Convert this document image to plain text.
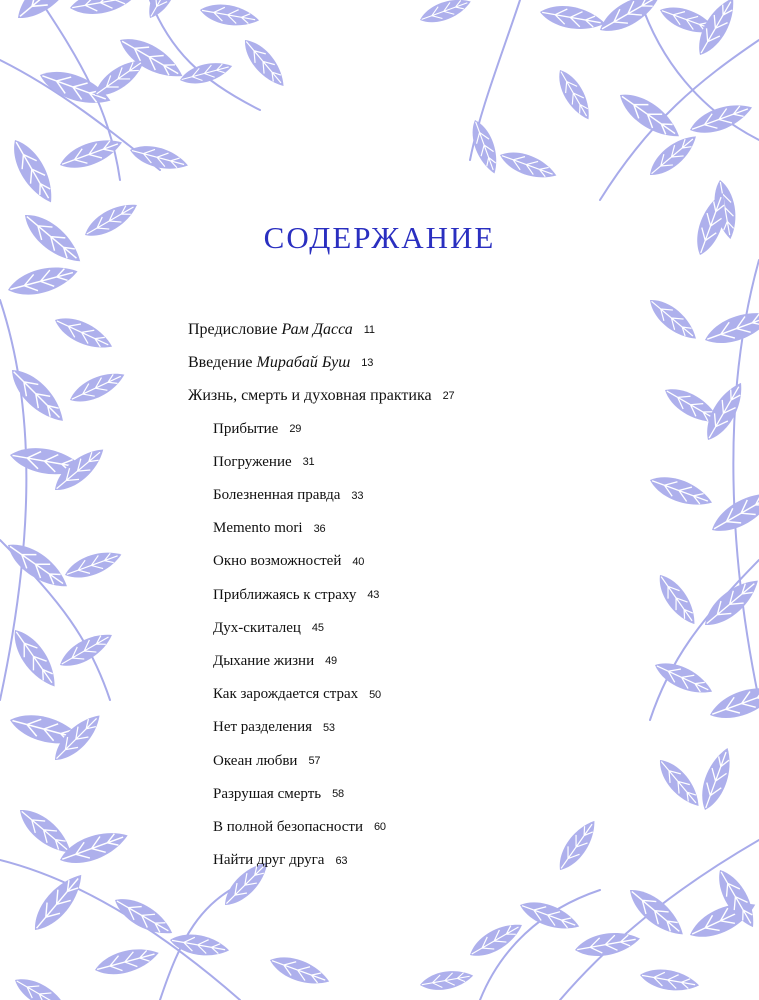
СОДЕРЖАНИЕ
Предисловие Рам Дасса 11
Введение Мирабай Буш 13
Жизнь, смерть и духовная практика 27
Прибытие 29
Погружение 31
Болезненная правда 33
Memento mori 36
Окно возможностей 40
Приближаясь к страху 43
Дух-скиталец 45
Дыхание жизни 49
Как зарождается страх 50
Нет разделения 53
Океан любви 57
Разрушая смерть 58
В полной безопасности 60
Найти друг друга 63
